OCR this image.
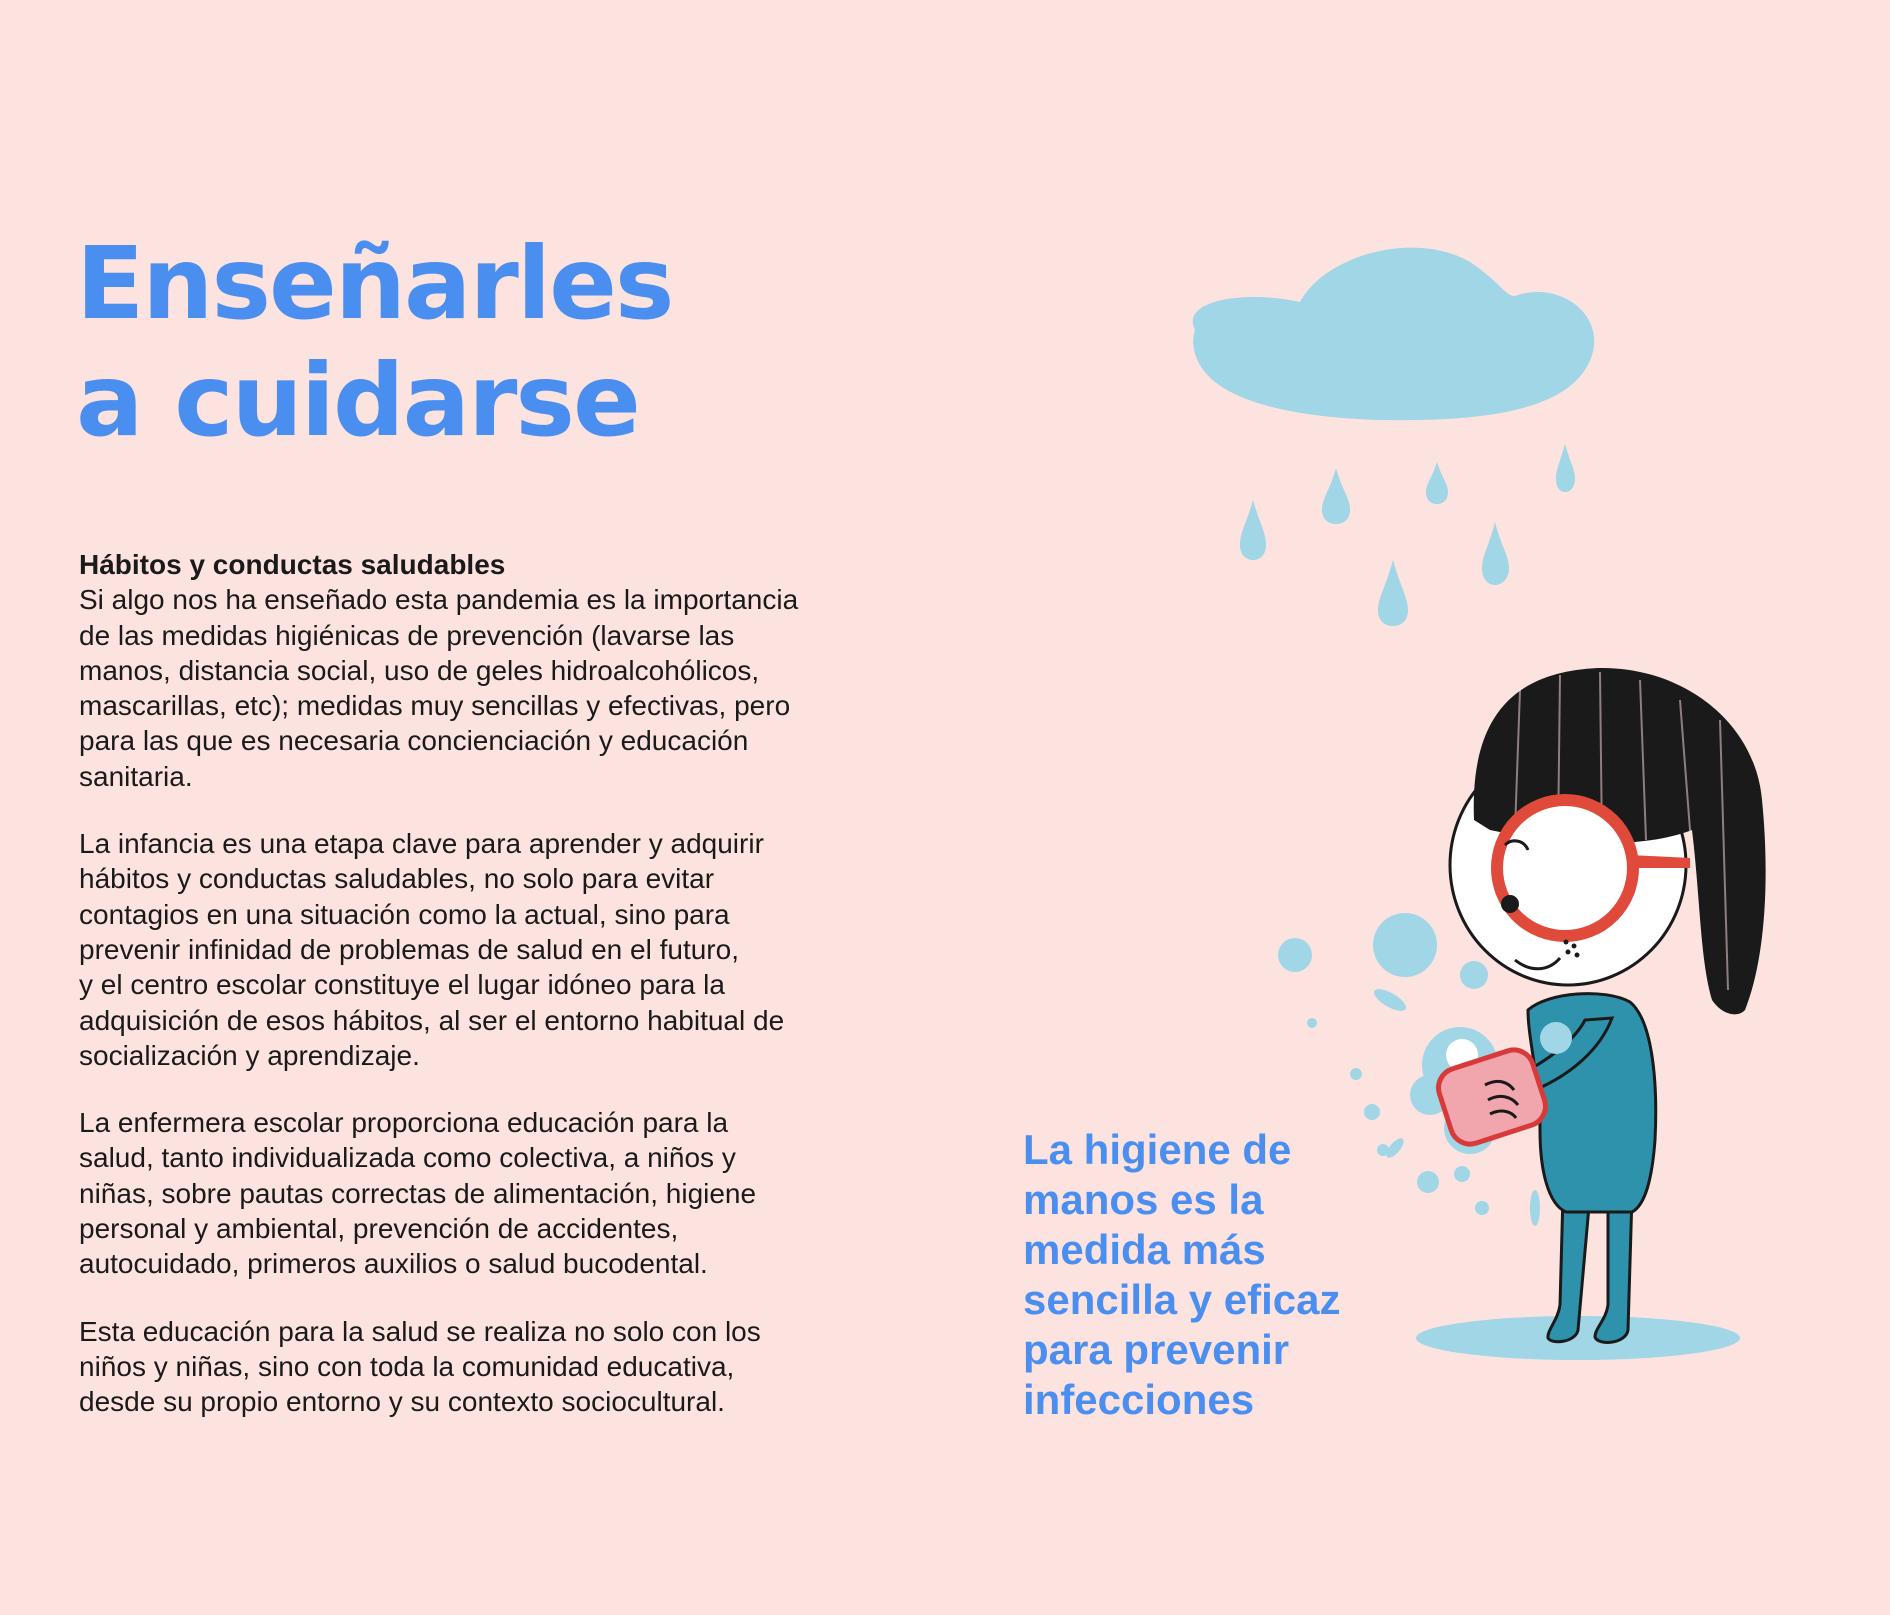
Enseñarles
a cuidarse

Hábitos y conductas saludables
Si algo nos ha enseñado esta pandemia es la importancia
de las medidas higiénicas de prevención (lavarse las
manos, distancia social, uso de geles hidroalcohólicos,
mascarillas, etc); medidas muy sencillas y efectivas, pero
para las que es necesaria concienciación y educación
sanitaria.

La infancia es una etapa clave para aprender y adquirir
hábitos y conductas saludables, no solo para evitar
contagios en una situación como la actual, sino para
prevenir infinidad de problemas de salud en el futuro,
y el centro escolar constituye el lugar idóneo para la
adquisición de esos hábitos, al ser el entorno habitual de
socialización y aprendizaje.

La enfermera escolar proporciona educación para la
salud, tanto individualizada como colectiva, a niños y
niñas, sobre pautas correctas de alimentación, higiene
personal y ambiental, prevención de accidentes,
autocuidado, primeros auxilios o salud bucodental.

Esta educación para la salud se realiza no solo con los
niños y niñas, sino con toda la comunidad educativa,
desde su propio entorno y su contexto sociocultural.

La higiene de
manos es la
medida más
sencilla y eficaz
para prevenir
infecciones
